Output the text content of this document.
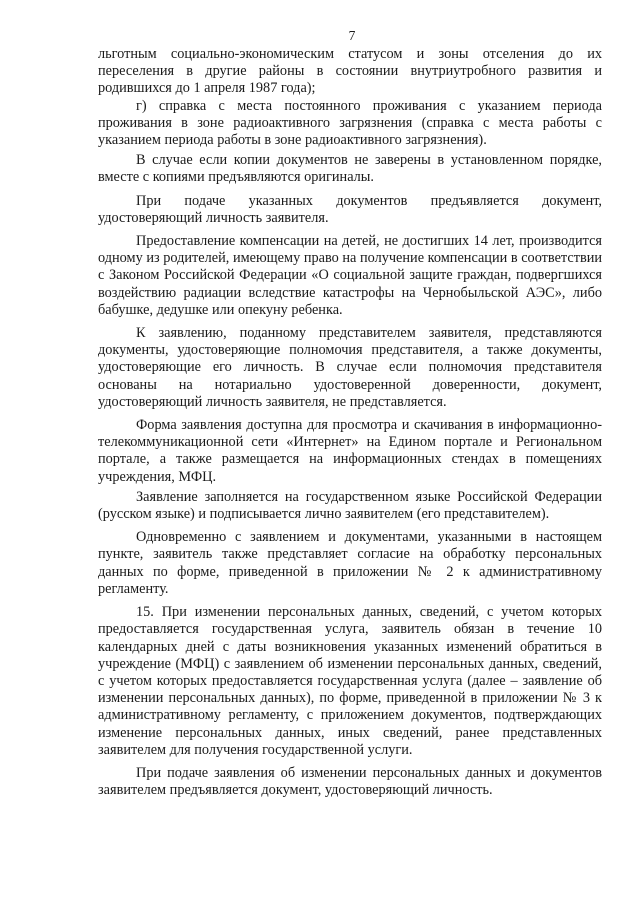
7

льготным социально-экономическим статусом и зоны отселения до их переселения в другие районы в состоянии внутриутробного развития и родившихся до 1 апреля 1987 года);

г) справка с места постоянного проживания с указанием периода проживания в зоне радиоактивного загрязнения (справка с места работы с указанием периода работы в зоне радиоактивного загрязнения).

В случае если копии документов не заверены в установленном порядке, вместе с копиями предъявляются оригиналы.

При подаче указанных документов предъявляется документ, удостоверяющий личность заявителя.

Предоставление компенсации на детей, не достигших 14 лет, производится одному из родителей, имеющему право на получение компенсации в соответствии с Законом Российской Федерации «О социальной защите граждан, подвергшихся воздействию радиации вследствие катастрофы на Чернобыльской АЭС», либо бабушке, дедушке или опекуну ребенка.

К заявлению, поданному представителем заявителя, представляются документы, удостоверяющие полномочия представителя, а также документы, удостоверяющие его личность. В случае если полномочия представителя основаны на нотариально удостоверенной доверенности, документ, удостоверяющий личность заявителя, не представляется.

Форма заявления доступна для просмотра и скачивания в информационно-телекоммуникационной сети «Интернет» на Едином портале и Региональном портале, а также размещается на информационных стендах в помещениях учреждения, МФЦ.

Заявление заполняется на государственном языке Российской Федерации (русском языке) и подписывается лично заявителем (его представителем).

Одновременно с заявлением и документами, указанными в настоящем пункте, заявитель также представляет согласие на обработку персональных данных по форме, приведенной в приложении № 2 к административному регламенту.

15. При изменении персональных данных, сведений, с учетом которых предоставляется государственная услуга, заявитель обязан в течение 10 календарных дней с даты возникновения указанных изменений обратиться в учреждение (МФЦ) с заявлением об изменении персональных данных, сведений, с учетом которых предоставляется государственная услуга (далее – заявление об изменении персональных данных), по форме, приведенной в приложении № 3 к административному регламенту, с приложением документов, подтверждающих изменение персональных данных, иных сведений, ранее представленных заявителем для получения государственной услуги.

При подаче заявления об изменении персональных данных и документов заявителем предъявляется документ, удостоверяющий личность.
